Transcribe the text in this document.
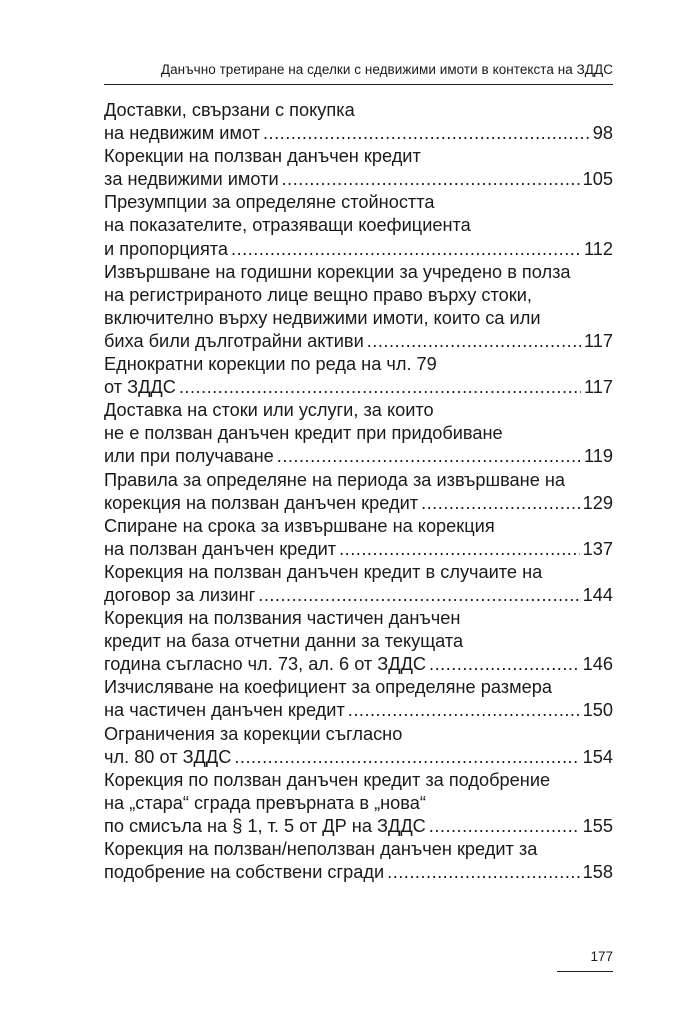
Данъчно третиране на сделки с недвижими имоти в контекста на ЗДДС
Доставки, свързани с покупка
на недвижим имот .....	98
Корекции на ползван данъчен кредит
за недвижими имоти .....	105
Презумпции за определяне стойността
на показателите, отразяващи коефициента
и пропорцията .....	112
Извършване на годишни корекции за учредено в полза
на регистрираното лице вещно право върху стоки,
включително върху недвижими имоти, които са или
биха били дълготрайни активи .....	117
Еднократни корекции по реда на чл. 79
от ЗДДС .....	117
Доставка на стоки или услуги, за които
не е ползван данъчен кредит при придобиване
или при получаване .....	119
Правила за определяне на периода за извършване на
корекция на ползван данъчен кредит .....	129
Спиране на срока за извършване на корекция
на ползван данъчен кредит .....	137
Корекция на ползван данъчен кредит в случаите на
договор за лизинг .....	144
Корекция на ползвания частичен данъчен
кредит на база отчетни данни за текущата
година съгласно чл. 73, ал. 6 от ЗДДС .....	146
Изчисляване на коефициент за определяне размера
на частичен данъчен кредит .....	150
Ограничения за корекции съгласно
чл. 80 от ЗДДС .....	154
Корекция по ползван данъчен кредит за подобрение
на „стара“ сграда превърната в „нова“
по смисъла на § 1, т. 5 от ДР на ЗДДС .....	155
Корекция на ползван/неползван данъчен кредит за
подобрение на собствени сгради .....	158
177
